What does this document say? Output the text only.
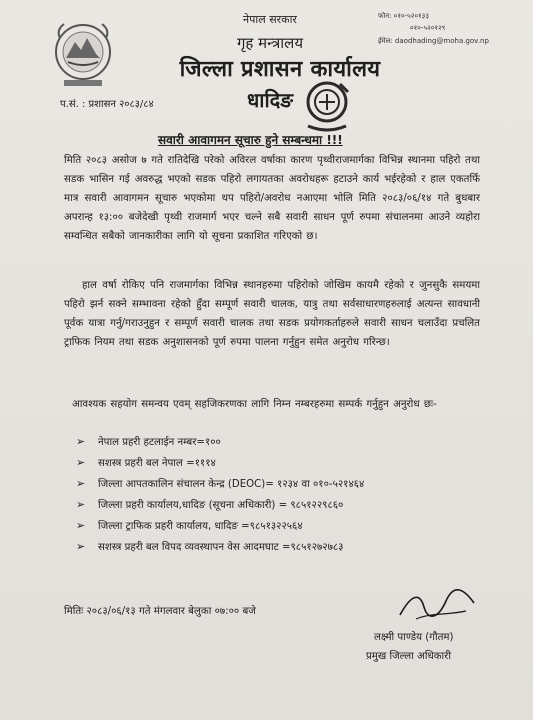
नेपाल सरकार
गृह मन्त्रालय
जिल्ला प्रशासन कार्यालय
धादिङ
प.सं. : प्रशासन २०८३/८४
फोन: ०१०-५२०१३३
०१०-५२०१२९
ईमेल: daodhading@moha.gov.np
सवारी आवागमन सूचारु हुने सम्बन्धमा !!!
मिति २०८३ असोज ७ गते रातिदेखि परेको अविरल वर्षाका कारण पृथ्वीराजमार्गका विभिन्न स्थानमा पहिरो तथा सडक भासिन गई अवरुद्ध भएको सडक पहिरो लगायतका अवरोधहरू हटाउने कार्य भईरहेको र हाल एकतर्फि मात्र सवारी आवागमन सूचारु भएकोमा थप पहिरो/अवरोध नआएमा भोलि मिति २०८३/०६/१४ गते बुधबार अपरान्ह १३:०० बजेदेखी पृथ्वी राजमार्ग भएर चल्ने सबै सवारी साधन पूर्ण रुपमा संचालनमा आउने व्यहोरा सम्वन्धित सबैको जानकारीका लागि यो सूचना प्रकाशित गरिएको छ।
हाल वर्षा रोकिए पनि राजमार्गका विभिन्न स्थानहरुमा पहिरोको जोखिम कायमै रहेको र जुनसुकै समयमा पहिरो झर्न सक्ने सम्भावना रहेको हुँदा सम्पूर्ण सवारी चालक, यात्रु तथा सर्वसाधारणहरुलाई अत्यन्त सावधानी पूर्वक यात्रा गर्नु/गराउनुहुन र सम्पूर्ण सवारी चालक तथा सडक प्रयोगकर्ताहरुले सवारी साधन चलाउँदा प्रचलित ट्राफिक नियम तथा सडक अनुशासनको पूर्ण रुपमा पालना गर्नुहुन समेत अनुरोध गरिन्छ।
आवश्यक सहयोग समन्वय एवम् सहजिकरणका लागि निम्न नम्बरहरुमा सम्पर्क गर्नुहुन अनुरोध छः-
➢ नेपाल प्रहरी हटलाईन नम्बर=१००
➢ सशस्त्र प्रहरी बल नेपाल =१११४
➢ जिल्ला आपतकालिन संचालन केन्द्र (DEOC)= १२३४ वा ०१०-५२१४६४
➢ जिल्ला प्रहरी कार्यालय,धादिङ (सूचना अधिकारी) = ९८५१२२९८६०
➢ जिल्ला ट्राफिक प्रहरी कार्यालय, धादिङ =९८५१३२२५६४
➢ सशस्त्र प्रहरी बल विपद व्यवस्थापन वेस आदमघाट =९८५१२७२७८३
मितिः २०८३/०६/१३ गते मंगलवार बेलुका ०७:०० बजे
लक्ष्मी पाण्डेय (गौतम)
प्रमुख जिल्ला अधिकारी
